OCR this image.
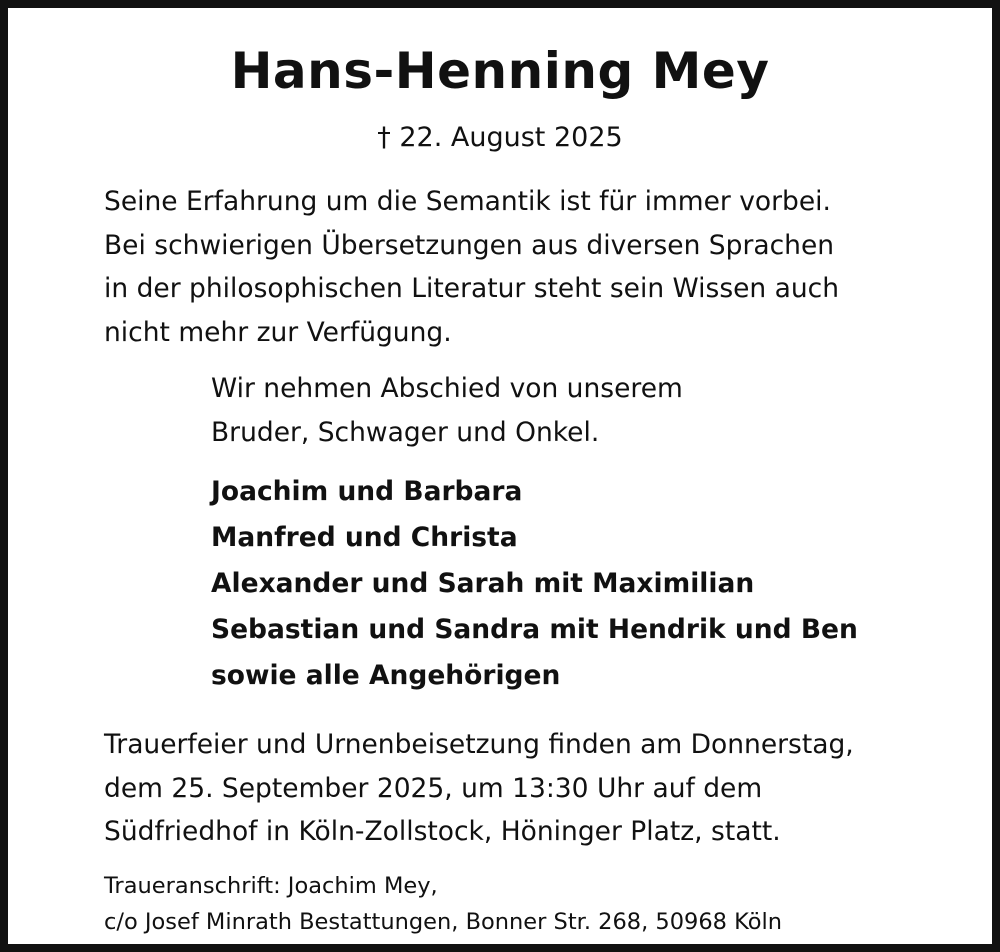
Hans-Henning Mey
† 22. August 2025
Seine Erfahrung um die Semantik ist für immer vorbei.
Bei schwierigen Übersetzungen aus diversen Sprachen
in der philosophischen Literatur steht sein Wissen auch
nicht mehr zur Verfügung.
Wir nehmen Abschied von unserem
Bruder, Schwager und Onkel.
Joachim und Barbara
Manfred und Christa
Alexander und Sarah mit Maximilian
Sebastian und Sandra mit Hendrik und Ben
sowie alle Angehörigen
Trauerfeier und Urnenbeisetzung finden am Donnerstag,
dem 25. September 2025, um 13:30 Uhr auf dem
Südfriedhof in Köln-Zollstock, Höninger Platz, statt.
Traueranschrift: Joachim Mey,
c/o Josef Minrath Bestattungen, Bonner Str. 268, 50968 Köln
